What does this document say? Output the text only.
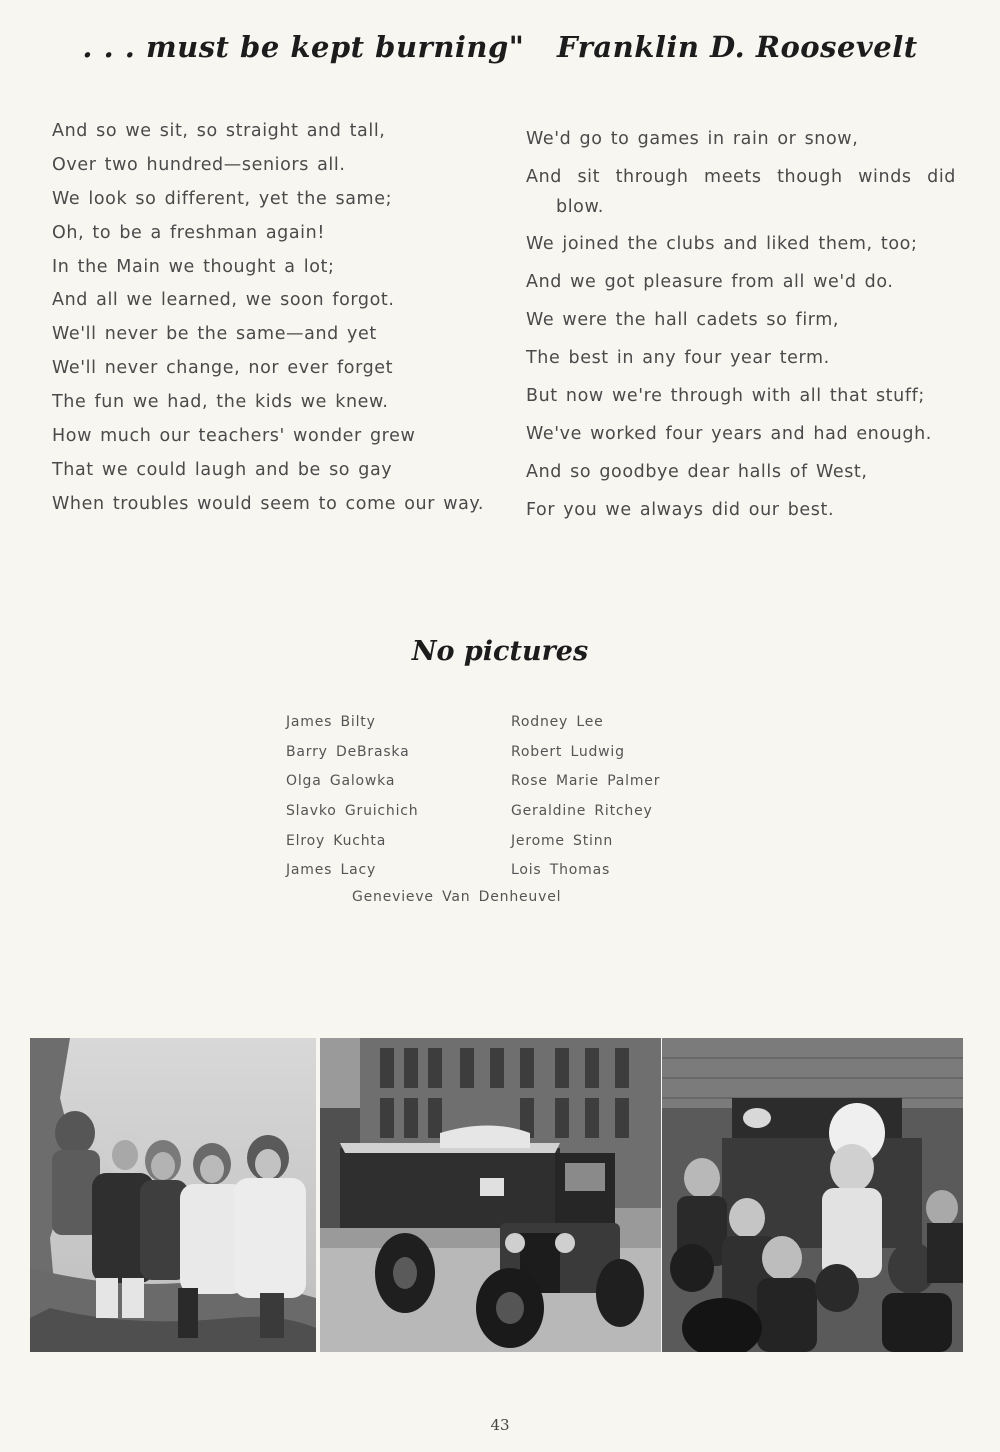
. . . must be kept burning" Franklin D. Roosevelt
And so we sit, so straight and tall,
Over two hundred—seniors all.
We look so different, yet the same;
Oh, to be a freshman again!
In the Main we thought a lot;
And all we learned, we soon forgot.
We'll never be the same—and yet
We'll never change, nor ever forget
The fun we had, the kids we knew.
How much our teachers' wonder grew
That we could laugh and be so gay
When troubles would seem to come our way.
We'd go to games in rain or snow,
And sit through meets though winds did
blow.
We joined the clubs and liked them, too;
And we got pleasure from all we'd do.
We were the hall cadets so firm,
The best in any four year term.
But now we're through with all that stuff;
We've worked four years and had enough.
And so goodbye dear halls of West,
For you we always did our best.
No pictures
James Bilty
Barry DeBraska
Olga Galowka
Slavko Gruichich
Elroy Kuchta
James Lacy
Rodney Lee
Robert Ludwig
Rose Marie Palmer
Geraldine Ritchey
Jerome Stinn
Lois Thomas
Genevieve Van Denheuvel
43
